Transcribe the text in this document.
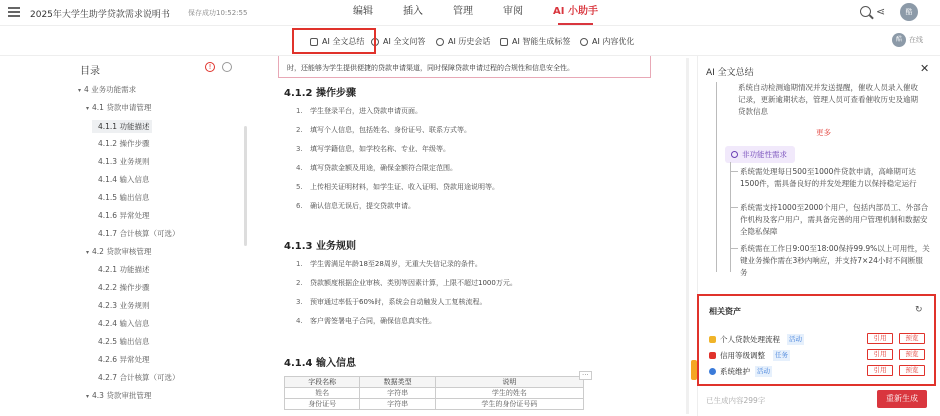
2025年大学生助学贷款需求说明书	保存成功10:52:55	编辑	插入	管理	审阅	AI 小助手	⋖	酷
AI 全文总结 AI 全文问答	AI 历史会话	AI 智能生成标签	AI 内容优化	酷	在线
目录	!
▾ 4 业务功能需求
▾ 4.1 贷款申请管理
4.1.1 功能描述
4.1.2 操作步骤
4.1.3 业务规则
4.1.4 输入信息
4.1.5 输出信息
4.1.6 异常处理
4.1.7 合计核算（可选）
▾ 4.2 贷款审核管理
4.2.1 功能描述
4.2.2 操作步骤
4.2.3 业务规则
4.2.4 输入信息
4.2.5 输出信息
4.2.6 异常处理
4.2.7 合计核算（可选）
▾ 4.3 贷款审批管理
时，还能够为学生提供便捷的贷款申请渠道，同时保障贷款申请过程的合规性和信息安全性。
4.1.2 操作步骤
1. 学生登录平台，进入贷款申请页面。
2. 填写个人信息，包括姓名、身份证号、联系方式等。
3. 填写学籍信息，如学校名称、专业、年级等。
4. 填写贷款金额及用途，确保金额符合限定范围。
5. 上传相关证明材料，如学生证、收入证明、贷款用途说明等。
6. 确认信息无误后，提交贷款申请。
4.1.3 业务规则
1. 学生需满足年龄18至28周岁，无重大失信记录的条件。
2. 贷款额度根据企业审核、类别等因素计算，上限不超过1000万元。
3. 预审通过率低于60%时，系统会自动触发人工复核流程。
4. 客户需签署电子合同，确保信息真实性。
4.1.4 输入信息
字段名称	数据类型	说明
姓名	字符串	学生的姓名
身份证号	字符串	学生的身份证号码
···
AI 全文总结	✕
系统自动检测逾期情况并发送提醒，催收人员录入催收记录，更新逾期状态，管理人员可查看催收历史及逾期贷款信息
更多
非功能性需求
系统需处理每日500至1000件贷款申请，高峰期可达1500件，需具备良好的并发处理能力以保持稳定运行
系统需支持1000至2000个用户，包括内部员工、外部合作机构及客户用户，需具备完善的用户管理机制和数据安全隐私保障
系统需在工作日9:00至18:00保持99.9%以上可用性，关键业务操作需在3秒内响应，并支持7×24小时不间断服务
相关资产	↻
个人贷款处理流程	活动	引用	预览
信用等级调整	任务	引用	预览
系统维护	活动	引用	预览
已生成内容299字	重新生成
